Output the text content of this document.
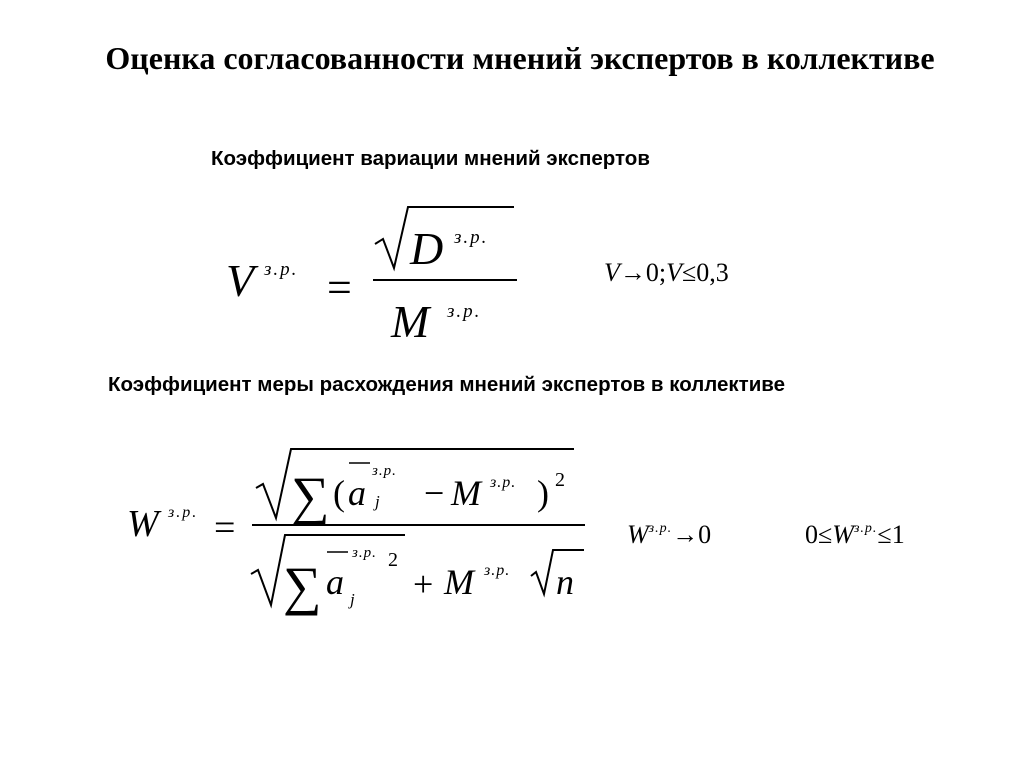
Оценка согласованности мнений экспертов в коллективе
Коэффициент вариации мнений экспертов
V з.р. =
D з.р.
M з.р.
V→0;V≤0,3
Коэффициент меры расхождения мнений экспертов в коллективе
W з.р. =
∑ ( a
з.р.
j − M з.р. ) 2
∑ a
з.р. 2
j + M з.р. n
$W^{з.р.}\to 0$	$0\le W^{з.р.}\le 1$
